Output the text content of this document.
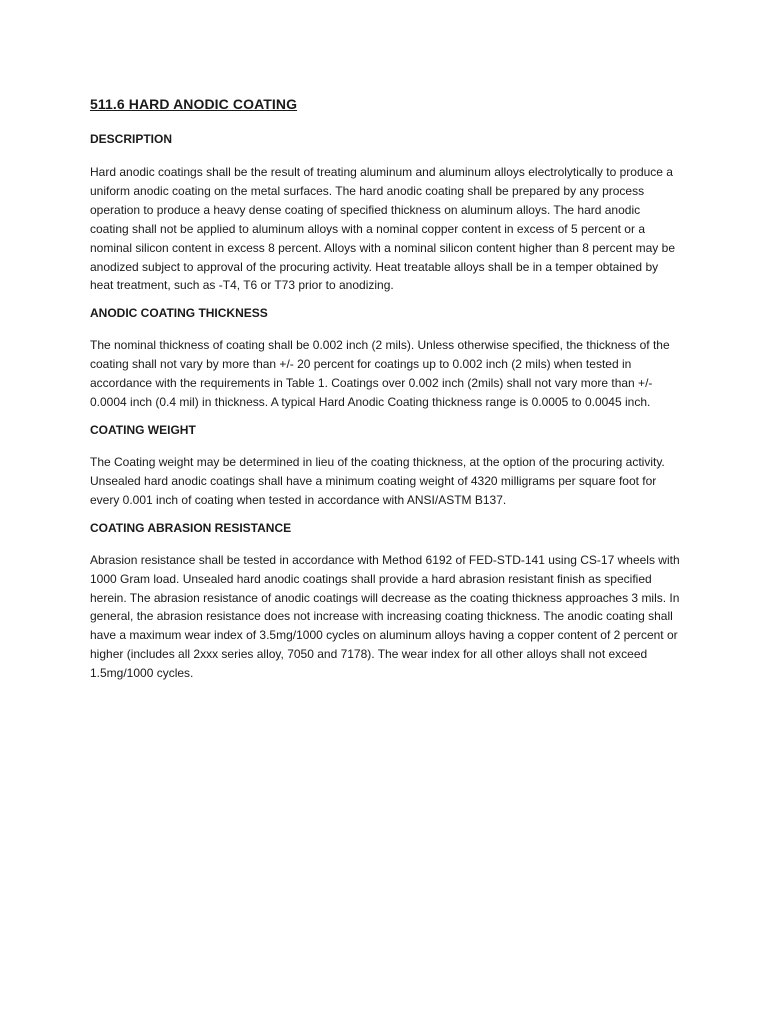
511.6 HARD ANODIC COATING
DESCRIPTION

Hard anodic coatings shall be the result of treating aluminum and aluminum alloys electrolytically to produce a uniform anodic coating on the metal surfaces. The hard anodic coating shall be prepared by any process operation to produce a heavy dense coating of specified thickness on aluminum alloys. The hard anodic coating shall not be applied to aluminum alloys with a nominal copper content in excess of 5 percent or a nominal silicon content in excess 8 percent. Alloys with a nominal silicon content higher than 8 percent may be anodized subject to approval of the procuring activity. Heat treatable alloys shall be in a temper obtained by heat treatment, such as -T4, T6 or T73 prior to anodizing.

ANODIC COATING THICKNESS

The nominal thickness of coating shall be 0.002 inch (2 mils). Unless otherwise specified, the thickness of the coating shall not vary by more than +/- 20 percent for coatings up to 0.002 inch (2 mils) when tested in accordance with the requirements in Table 1. Coatings over 0.002 inch (2mils) shall not vary more than +/- 0.0004 inch (0.4 mil) in thickness. A typical Hard Anodic Coating thickness range is 0.0005 to 0.0045 inch.

COATING WEIGHT

The Coating weight may be determined in lieu of the coating thickness, at the option of the procuring activity. Unsealed hard anodic coatings shall have a minimum coating weight of 4320 milligrams per square foot for every 0.001 inch of coating when tested in accordance with ANSI/ASTM B137.

COATING ABRASION RESISTANCE

Abrasion resistance shall be tested in accordance with Method 6192 of FED-STD-141 using CS-17 wheels with 1000 Gram load. Unsealed hard anodic coatings shall provide a hard abrasion resistant finish as specified herein. The abrasion resistance of anodic coatings will decrease as the coating thickness approaches 3 mils. In general, the abrasion resistance does not increase with increasing coating thickness. The anodic coating shall have a maximum wear index of 3.5mg/1000 cycles on aluminum alloys having a copper content of 2 percent or higher (includes all 2xxx series alloy, 7050 and 7178). The wear index for all other alloys shall not exceed 1.5mg/1000 cycles.
